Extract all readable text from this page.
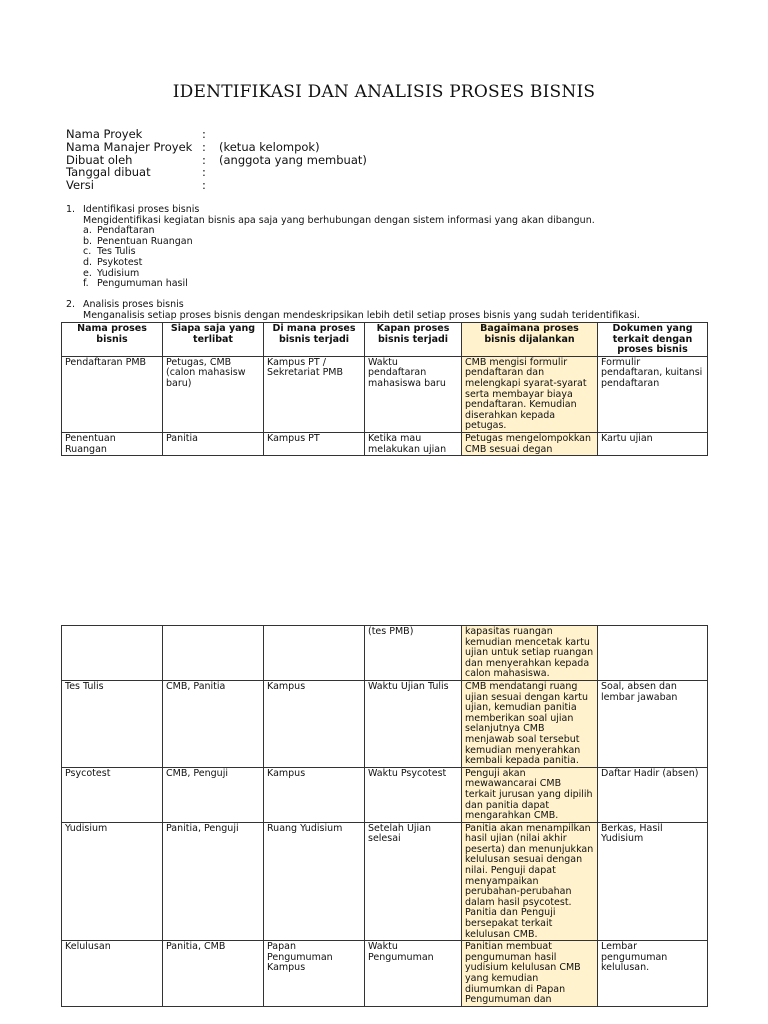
IDENTIFIKASI DAN ANALISIS PROSES BISNIS
Nama Proyek	:
Nama Manajer Proyek : (ketua kelompok)
Dibuat oleh	: (anggota yang membuat)
Tanggal dibuat	:
Versi	:
1. Identifikasi proses bisnis
Mengidentifikasi kegiatan bisnis apa saja yang berhubungan dengan sistem informasi yang akan dibangun.
a. Pendaftaran
b. Penentuan Ruangan
c. Tes Tulis
d. Psykotest
e. Yudisium
f. Pengumuman hasil
2. Analisis proses bisnis
Menganalisis setiap proses bisnis dengan mendeskripsikan lebih detil setiap proses bisnis yang sudah teridentifikasi.
Nama proses bisnis	Siapa saja yang terlibat	Di mana proses bisnis terjadi	Kapan proses bisnis terjadi	Bagaimana proses bisnis dijalankan	Dokumen yang terkait dengan proses bisnis
Pendaftaran PMB	Petugas, CMB (calon mahasisw baru)	Kampus PT / Sekretariat PMB	Waktu pendaftaran mahasiswa baru	CMB mengisi formulir pendaftaran dan melengkapi syarat-syarat serta membayar biaya pendaftaran. Kemudian diserahkan kepada petugas.	Formulir pendaftaran, kuitansi pendaftaran
Penentuan Ruangan	Panitia	Kampus PT	Ketika mau melakukan ujian	Petugas mengelompokkan CMB sesuai degan	Kartu ujian
			(tes PMB)	kapasitas ruangan kemudian mencetak kartu ujian untuk setiap ruangan dan menyerahkan kepada calon mahasiswa.	
Tes Tulis	CMB, Panitia	Kampus	Waktu Ujian Tulis	CMB mendatangi ruang ujian sesuai dengan kartu ujian, kemudian panitia memberikan soal ujian selanjutnya CMB menjawab soal tersebut kemudian menyerahkan kembali kepada panitia.	Soal, absen dan lembar jawaban
Psycotest	CMB, Penguji	Kampus	Waktu Psycotest	Penguji akan mewawancarai CMB terkait jurusan yang dipilih dan panitia dapat mengarahkan CMB.	Daftar Hadir (absen)
Yudisium	Panitia, Penguji	Ruang Yudisium	Setelah Ujian selesai	Panitia akan menampilkan hasil ujian (nilai akhir peserta) dan menunjukkan kelulusan sesuai dengan nilai. Penguji dapat menyampaikan perubahan-perubahan dalam hasil psycotest. Panitia dan Penguji bersepakat terkait kelulusan CMB.	Berkas, Hasil Yudisium
Kelulusan	Panitia, CMB	Papan Pengumuman Kampus	Waktu Pengumuman	Panitian membuat pengumuman hasil yudisium kelulusan CMB yang kemudian diumumkan di Papan Pengumuman dan	Lembar pengumuman kelulusan.
